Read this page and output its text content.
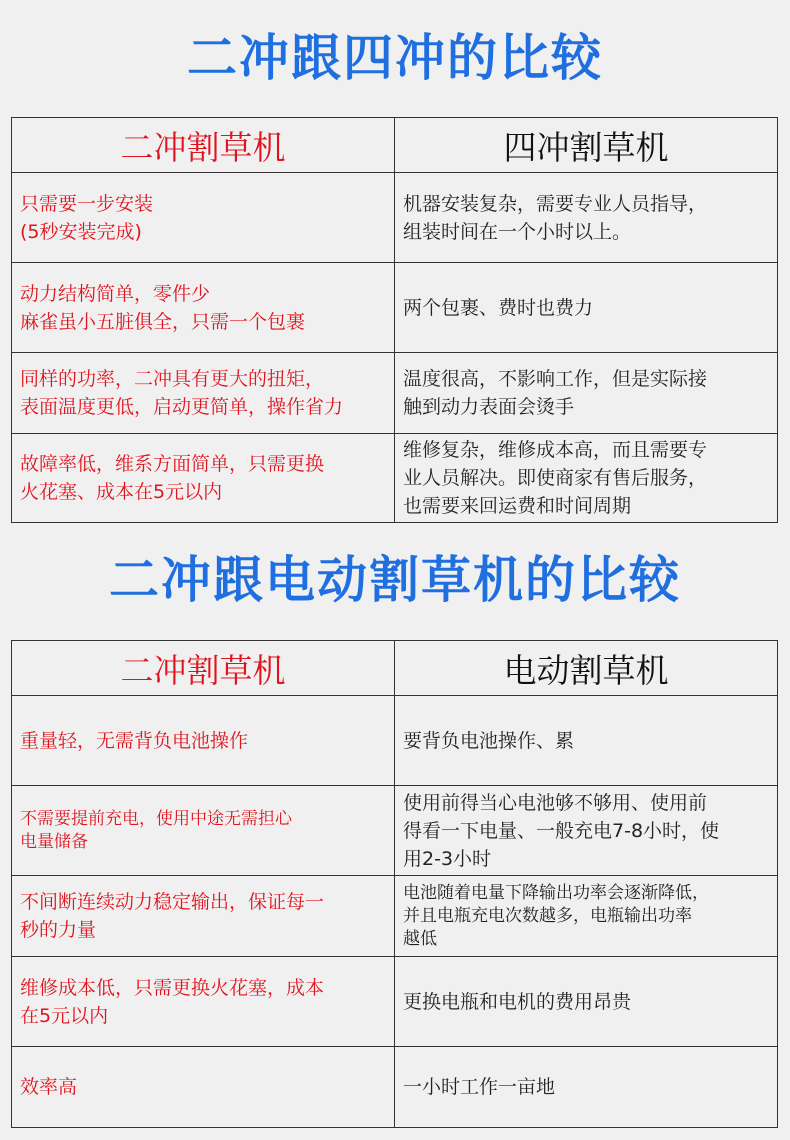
二冲跟四冲的比较
二冲割草机	四冲割草机

只需要一步安装
(5秒安装完成)	机器安装复杂，需要专业人员指导，
组装时间在一个小时以上。

动力结构简单，零件少
麻雀虽小五脏俱全，只需一个包裹	两个包裹、费时也费力

同样的功率，二冲具有更大的扭矩，
表面温度更低，启动更简单，操作省力	温度很高，不影响工作，但是实际接
触到动力表面会烫手

故障率低，维系方面简单，只需更换
火花塞、成本在5元以内	维修复杂，维修成本高，而且需要专
业人员解决。即使商家有售后服务，
也需要来回运费和时间周期
二冲跟电动割草机的比较
二冲割草机	电动割草机

重量轻，无需背负电池操作	要背负电池操作、累

不需要提前充电，使用中途无需担心
电量储备	使用前得当心电池够不够用、使用前
得看一下电量、一般充电7-8小时，使
用2-3小时

不间断连续动力稳定输出，保证每一
秒的力量	电池随着电量下降输出功率会逐渐降低，
并且电瓶充电次数越多，电瓶输出功率
越低

维修成本低，只需更换火花塞，成本
在5元以内	更换电瓶和电机的费用昂贵

效率高	一小时工作一亩地
